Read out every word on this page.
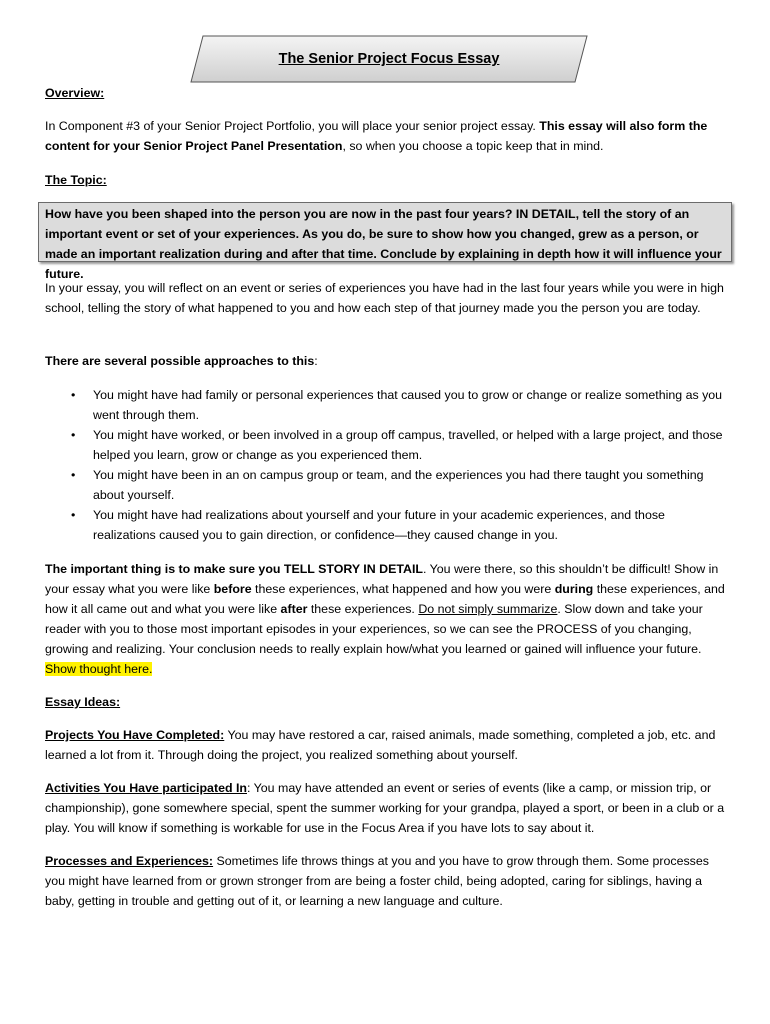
The Senior Project Focus Essay
Overview:

In Component #3 of your Senior Project Portfolio, you will place your senior project essay. This essay will also form the content for your Senior Project Panel Presentation, so when you choose a topic keep that in mind.

The Topic:
How have you been shaped into the person you are now in the past four years? IN DETAIL, tell the story of an important event or set of your experiences. As you do, be sure to show how you changed, grew as a person, or made an important realization during and after that time. Conclude by explaining in depth how it will influence your future.
In your essay, you will reflect on an event or series of experiences you have had in the last four years while you were in high school, telling the story of what happened to you and how each step of that journey made you the person you are today.
There are several possible approaches to this:
• You might have had family or personal experiences that caused you to grow or change or realize something as you went through them.
• You might have worked, or been involved in a group off campus, travelled, or helped with a large project, and those helped you learn, grow or change as you experienced them.
• You might have been in an on campus group or team, and the experiences you had there taught you something about yourself.
• You might have had realizations about yourself and your future in your academic experiences, and those realizations caused you to gain direction, or confidence—they caused change in you.

The important thing is to make sure you TELL STORY IN DETAIL. You were there, so this shouldn’t be difficult! Show in your essay what you were like before these experiences, what happened and how you were during these experiences, and how it all came out and what you were like after these experiences. Do not simply summarize. Slow down and take your reader with you to those most important episodes in your experiences, so we can see the PROCESS of you changing, growing and realizing. Your conclusion needs to really explain how/what you learned or gained will influence your future. Show thought here.

Essay Ideas:

Projects You Have Completed: You may have restored a car, raised animals, made something, completed a job, etc. and learned a lot from it. Through doing the project, you realized something about yourself.

Activities You Have participated In: You may have attended an event or series of events (like a camp, or mission trip, or championship), gone somewhere special, spent the summer working for your grandpa, played a sport, or been in a club or a play. You will know if something is workable for use in the Focus Area if you have lots to say about it.

Processes and Experiences: Sometimes life throws things at you and you have to grow through them. Some processes you might have learned from or grown stronger from are being a foster child, being adopted, caring for siblings, having a baby, getting in trouble and getting out of it, or learning a new language and culture.
